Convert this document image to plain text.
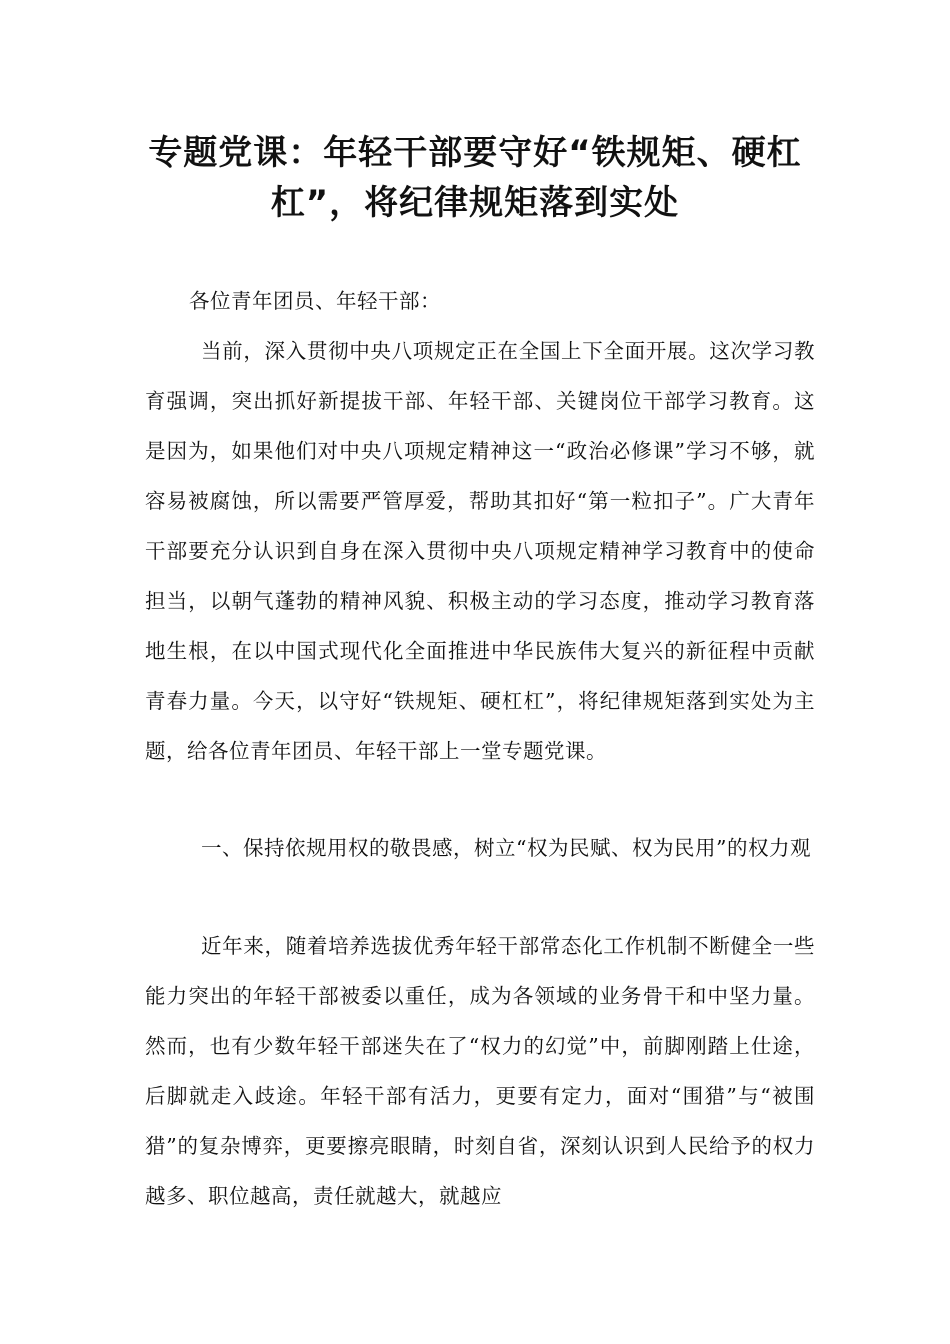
专题党课：年轻干部要守好“铁规矩、硬杠杠”，将纪律规矩落到实处

各位青年团员、年轻干部：

当前，深入贯彻中央八项规定正在全国上下全面开展。这次学习教育强调，突出抓好新提拔干部、年轻干部、关键岗位干部学习教育。这是因为，如果他们对中央八项规定精神这一“政治必修课”学习不够，就容易被腐蚀，所以需要严管厚爱，帮助其扣好“第一粒扣子”。广大青年干部要充分认识到自身在深入贯彻中央八项规定精神学习教育中的使命担当，以朝气蓬勃的精神风貌、积极主动的学习态度，推动学习教育落地生根，在以中国式现代化全面推进中华民族伟大复兴的新征程中贡献青春力量。今天，以守好“铁规矩、硬杠杠”，将纪律规矩落到实处为主题，给各位青年团员、年轻干部上一堂专题党课。

一、保持依规用权的敬畏感，树立“权为民赋、权为民用”的权力观

近年来，随着培养选拔优秀年轻干部常态化工作机制不断健全一些能力突出的年轻干部被委以重任，成为各领域的业务骨干和中坚力量。然而，也有少数年轻干部迷失在了“权力的幻觉”中，前脚刚踏上仕途，后脚就走入歧途。年轻干部有活力，更要有定力，面对“围猎”与“被围猎”的复杂博弈，更要擦亮眼睛，时刻自省，深刻认识到人民给予的权力越多、职位越高，责任就越大，就越应
